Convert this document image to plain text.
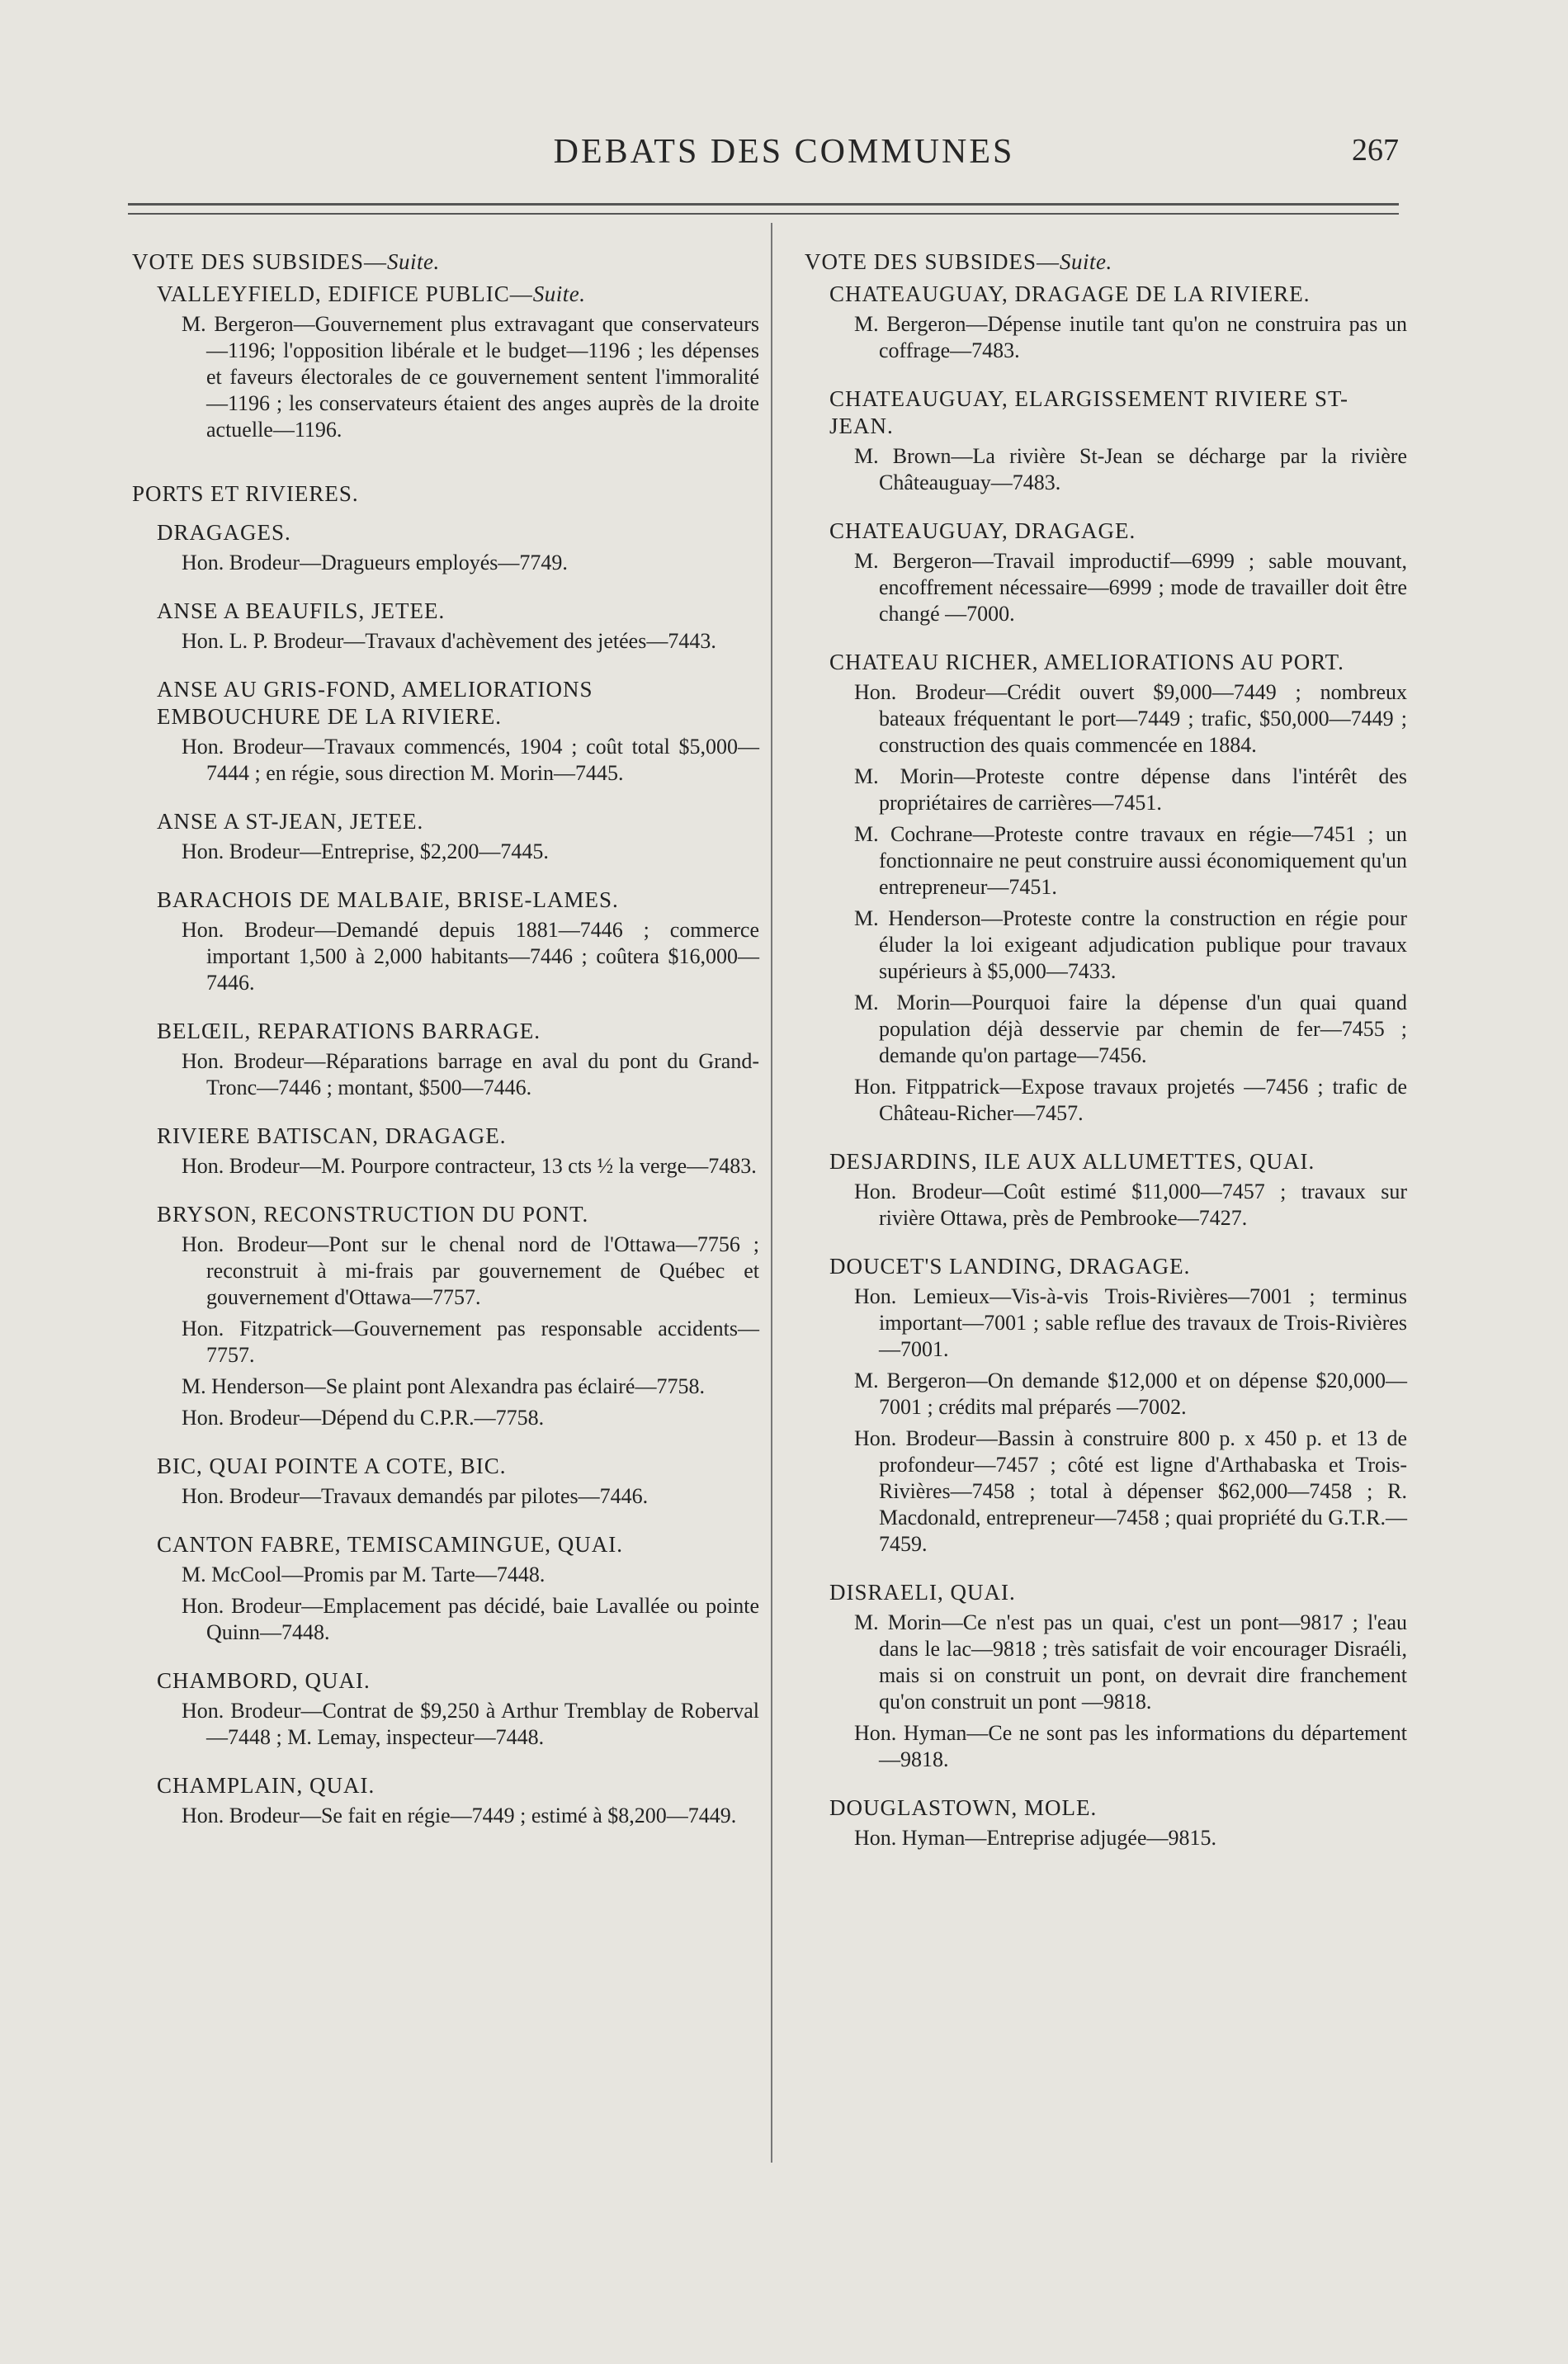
DEBATS DES COMMUNES	267
VOTE DES SUBSIDES—Suite.
VALLEYFIELD, EDIFICE PUBLIC—Suite.
M. Bergeron—Gouvernement plus extravagant que conservateurs—1196; l'opposition libérale et le budget—1196 ; les dépenses et faveurs électorales de ce gouvernement sentent l'immoralité—1196 ; les conservateurs étaient des anges auprès de la droite actuelle—1196.
PORTS ET RIVIERES.
DRAGAGES.
Hon. Brodeur—Dragueurs employés—7749.
ANSE A BEAUFILS, JETEE.
Hon. L. P. Brodeur—Travaux d'achèvement des jetées—7443.
ANSE AU GRIS-FOND, AMELIORATIONS EMBOUCHURE DE LA RIVIERE.
Hon. Brodeur—Travaux commencés, 1904 ; coût total $5,000—7444 ; en régie, sous direction M. Morin—7445.
ANSE A ST-JEAN, JETEE.
Hon. Brodeur—Entreprise, $2,200—7445.
BARACHOIS DE MALBAIE, BRISE-LAMES.
Hon. Brodeur—Demandé depuis 1881—7446 ; commerce important 1,500 à 2,000 habitants—7446 ; coûtera $16,000—7446.
BELŒIL, REPARATIONS BARRAGE.
Hon. Brodeur—Réparations barrage en aval du pont du Grand-Tronc—7446 ; montant, $500—7446.
RIVIERE BATISCAN, DRAGAGE.
Hon. Brodeur—M. Pourpore contracteur, 13 cts ½ la verge—7483.
BRYSON, RECONSTRUCTION DU PONT.
Hon. Brodeur—Pont sur le chenal nord de l'Ottawa—7756 ; reconstruit à mi-frais par gouvernement de Québec et gouvernement d'Ottawa—7757.
Hon. Fitzpatrick—Gouvernement pas responsable accidents—7757.
M. Henderson—Se plaint pont Alexandra pas éclairé—7758.
Hon. Brodeur—Dépend du C.P.R.—7758.
BIC, QUAI POINTE A COTE, BIC.
Hon. Brodeur—Travaux demandés par pilotes—7446.
CANTON FABRE, TEMISCAMINGUE, QUAI.
M. McCool—Promis par M. Tarte—7448.
Hon. Brodeur—Emplacement pas décidé, baie Lavallée ou pointe Quinn—7448.
CHAMBORD, QUAI.
Hon. Brodeur—Contrat de $9,250 à Arthur Tremblay de Roberval—7448 ; M. Lemay, inspecteur—7448.
CHAMPLAIN, QUAI.
Hon. Brodeur—Se fait en régie—7449 ; estimé à $8,200—7449.
VOTE DES SUBSIDES—Suite.
CHATEAUGUAY, DRAGAGE DE LA RIVIERE.
M. Bergeron—Dépense inutile tant qu'on ne construira pas un coffrage—7483.
CHATEAUGUAY, ELARGISSEMENT RIVIERE ST-JEAN.
M. Brown—La rivière St-Jean se décharge par la rivière Châteauguay—7483.
CHATEAUGUAY, DRAGAGE.
M. Bergeron—Travail improductif—6999 ; sable mouvant, encoffrement nécessaire—6999 ; mode de travailler doit être changé —7000.
CHATEAU RICHER, AMELIORATIONS AU PORT.
Hon. Brodeur—Crédit ouvert $9,000—7449 ; nombreux bateaux fréquentant le port—7449 ; trafic, $50,000—7449 ; construction des quais commencée en 1884.
M. Morin—Proteste contre dépense dans l'intérêt des propriétaires de carrières—7451.
M. Cochrane—Proteste contre travaux en régie—7451 ; un fonctionnaire ne peut construire aussi économiquement qu'un entrepreneur—7451.
M. Henderson—Proteste contre la construction en régie pour éluder la loi exigeant adjudication publique pour travaux supérieurs à $5,000—7433.
M. Morin—Pourquoi faire la dépense d'un quai quand population déjà desservie par chemin de fer—7455 ; demande qu'on partage—7456.
Hon. Fitppatrick—Expose travaux projetés —7456 ; trafic de Château-Richer—7457.
DESJARDINS, ILE AUX ALLUMETTES, QUAI.
Hon. Brodeur—Coût estimé $11,000—7457 ; travaux sur rivière Ottawa, près de Pembrooke—7427.
DOUCET'S LANDING, DRAGAGE.
Hon. Lemieux—Vis-à-vis Trois-Rivières—7001 ; terminus important—7001 ; sable reflue des travaux de Trois-Rivières—7001.
M. Bergeron—On demande $12,000 et on dépense $20,000—7001 ; crédits mal préparés —7002.
Hon. Brodeur—Bassin à construire 800 p. x 450 p. et 13 de profondeur—7457 ; côté est ligne d'Arthabaska et Trois-Rivières—7458 ; total à dépenser $62,000—7458 ; R. Macdonald, entrepreneur—7458 ; quai propriété du G.T.R.—7459.
DISRAELI, QUAI.
M. Morin—Ce n'est pas un quai, c'est un pont—9817 ; l'eau dans le lac—9818 ; très satisfait de voir encourager Disraéli, mais si on construit un pont, on devrait dire franchement qu'on construit un pont —9818.
Hon. Hyman—Ce ne sont pas les informations du département—9818.
DOUGLASTOWN, MOLE.
Hon. Hyman—Entreprise adjugée—9815.
